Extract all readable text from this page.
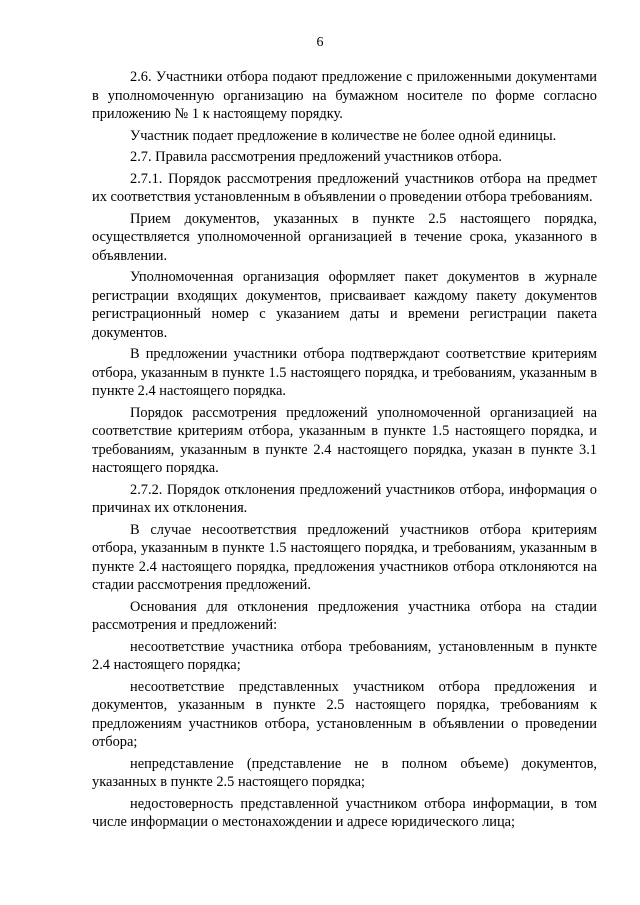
6

2.6. Участники отбора подают предложение с приложенными документами в уполномоченную организацию на бумажном носителе по форме согласно приложению № 1 к настоящему порядку.

Участник подает предложение в количестве не более одной единицы.

2.7. Правила рассмотрения предложений участников отбора.

2.7.1. Порядок рассмотрения предложений участников отбора на предмет их соответствия установленным в объявлении о проведении отбора требованиям.

Прием документов, указанных в пункте 2.5 настоящего порядка, осуществляется уполномоченной организацией в течение срока, указанного в объявлении.

Уполномоченная организация оформляет пакет документов в журнале регистрации входящих документов, присваивает каждому пакету документов регистрационный номер с указанием даты и времени регистрации пакета документов.

В предложении участники отбора подтверждают соответствие критериям отбора, указанным в пункте 1.5 настоящего порядка, и требованиям, указанным в пункте 2.4 настоящего порядка.

Порядок рассмотрения предложений уполномоченной организацией на соответствие критериям отбора, указанным в пункте 1.5 настоящего порядка, и требованиям, указанным в пункте 2.4 настоящего порядка, указан в пункте 3.1 настоящего порядка.

2.7.2. Порядок отклонения предложений участников отбора, информация о причинах их отклонения.

В случае несоответствия предложений участников отбора критериям отбора, указанным в пункте 1.5 настоящего порядка, и требованиям, указанным в пункте 2.4 настоящего порядка, предложения участников отбора отклоняются на стадии рассмотрения предложений.

Основания для отклонения предложения участника отбора на стадии рассмотрения и предложений:

несоответствие участника отбора требованиям, установленным в пункте 2.4 настоящего порядка;

несоответствие представленных участником отбора предложения и документов, указанным в пункте 2.5 настоящего порядка, требованиям к предложениям участников отбора, установленным в объявлении о проведении отбора;

непредставление (представление не в полном объеме) документов, указанных в пункте 2.5 настоящего порядка;

недостоверность представленной участником отбора информации, в том числе информации о местонахождении и адресе юридического лица;
